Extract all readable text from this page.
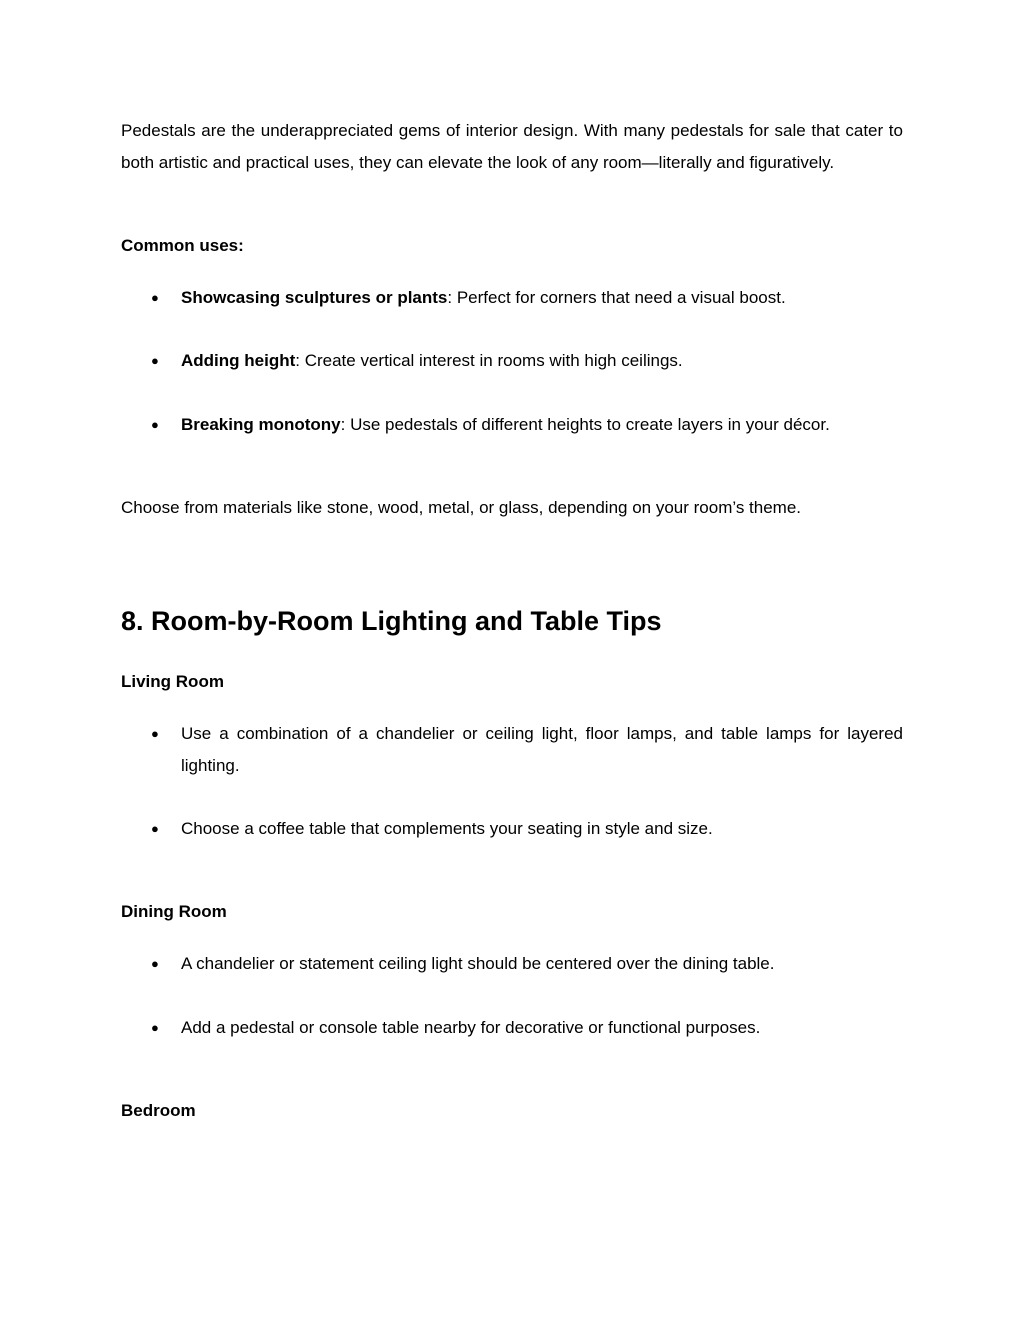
Pedestals are the underappreciated gems of interior design. With many pedestals for sale that cater to both artistic and practical uses, they can elevate the look of any room—literally and figuratively.

Common uses:

●	Showcasing sculptures or plants: Perfect for corners that need a visual boost.
●	Adding height: Create vertical interest in rooms with high ceilings.
●	Breaking monotony: Use pedestals of different heights to create layers in your décor.

Choose from materials like stone, wood, metal, or glass, depending on your room’s theme.

8. Room-by-Room Lighting and Table Tips

Living Room

●	Use a combination of a chandelier or ceiling light, floor lamps, and table lamps for layered lighting.
●	Choose a coffee table that complements your seating in style and size.

Dining Room

●	A chandelier or statement ceiling light should be centered over the dining table.
●	Add a pedestal or console table nearby for decorative or functional purposes.

Bedroom
